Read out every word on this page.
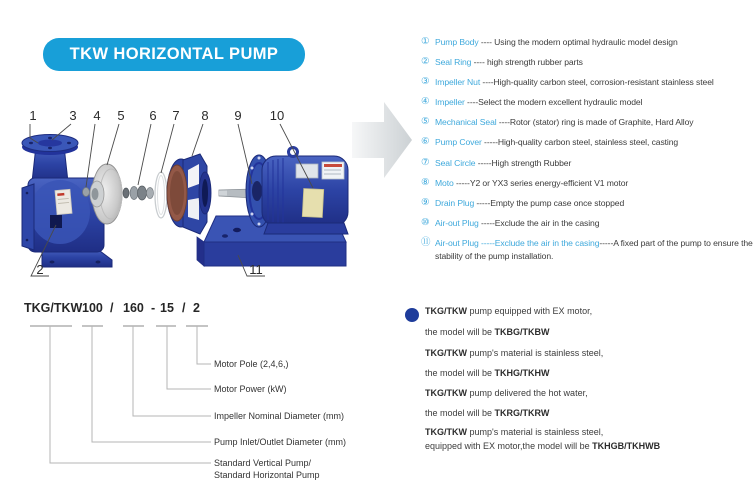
TKW HORIZONTAL PUMP
1	3 4 5 6 7 8 9 10
2	11
① Pump Body ---- Using the modern optimal hydraulic model design
② Seal Ring ---- high strength rubber parts
③ Impeller Nut ----High-quality carbon steel, corrosion-resistant stainless steel
④ Impeller ----Select the modern excellent hydraulic model
⑤ Mechanical Seal ----Rotor (stator) ring is made of Graphite, Hard Alloy
⑥ Pump Cover -----High-quality carbon steel, stainless steel, casting
⑦ Seal Circle -----High strength Rubber
⑧ Moto -----Y2 or YX3 series energy-efficient V1 motor
⑨ Drain Plug -----Empty the pump case once stopped
⑩ Air-out Plug -----Exclude the air in the casing
⑪ Air-out Plug -----Exclude the air in the casing-----A fixed part of the pump to ensure the stability of the pump installation.
TKG/TKW 100 / 160 - 15 / 2
Motor Pole (2,4,6,)
Motor Power (kW)
Impeller Nominal Diameter (mm)
Pump Inlet/Outlet Diameter (mm)
Standard Vertical Pump/
Standard Horizontal Pump
TKG/TKW pump equipped with EX motor,
the model will be TKBG/TKBW
TKG/TKW pump's material is stainless steel,
the model will be TKHG/TKHW
TKG/TKW pump delivered the hot water,
the model will be TKRG/TKRW
TKG/TKW pump's material is stainless steel,
equipped with EX motor,the model will be TKHGB/TKHWB
